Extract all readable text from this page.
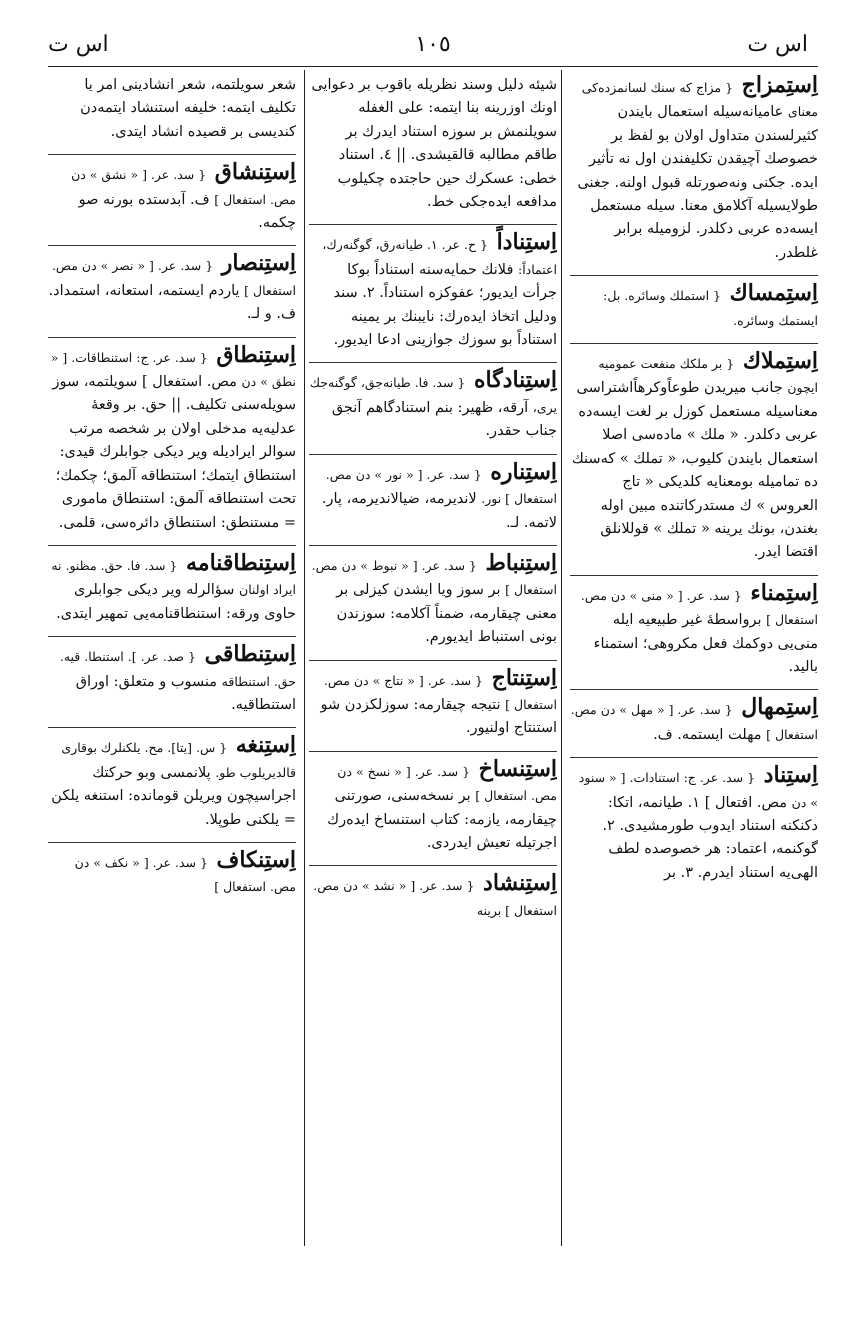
اس ت
١٠٥
اس ت
اِستِمزاج { مزاج كه سنك لسانمزده‌كى معناى عاميانه‌سيله استعمال بايندن كثيرلسندن متداول اولان بو لفظ بر خصوصك آچيقدن تكليفندن اول نه تأثير ايده. جكنى ونه‌صورتله قبول اولنه. جغنى طولايسيله آكلامق معنا. سيله مستعمل ايسه‌ده عربى دكلدر. لزوميله برابر غلطدر.
اِستِمساك { استملك وسائره. بل: ايستمك وسائره.
اِستِملاك { بر ملكك منفعت عموميه ايچون جانب ميريدن طوعاًوكرهاًاشتراسى معناسيله مستعمل كوزل بر لغت ايسه‌ده عربى دكلدر. « ملك » ماده‌سى اصلا استعمال بايندن كليوب، « تملك » كه‌سنك ده تماميله بومعنايه كلديكى « تاج العروس » ك مستدركاتنده مبين اوله بغندن، بونك يرينه « تملك » قوللانلق اقتضا ايدر.
اِستِمناء { سد. عر. [ « منى » دن مص. استفعال ] برواسطهٔ غير طبيعيه ايله منى‌يى دوكمك فعل مكروهى؛ استمناء باليد.
اِستِمهال { سد. عر. [ « مهل » دن مص. استفعال ] مهلت ايستمه. ف.
اِستِناد { سد. عر. ج: استنادات. [ « سنود » دن مص. افتعال ] ١. طيانمه، اتكا: دكنكنه استناد ايدوب طورمشيدى. ٢. گوكنمه، اعتماد: هر خصوصده لطف الهى‌يه استناد ايدرم. ٣. بر
شيئه دليل وسند نظريله باقوب بر دعوايى اونك اوزرينه بنا ايتمه: على الغفله سويلنمش بر سوزه استناد ايدرك بر طاقم مطالبه قالقيشدى. || ٤. استناد خطى: عسكرك حين حاجتده چكيلوب مدافعه ايده‌جكى خط.
اِستِناداً { ح. عر. ١. طيانه‌رق، گوگنه‌رك، اعتماداً: فلانك حمايه‌سنه استناداً بوكا جرأت ايديور؛ عفوكزه استناداً. ٢. سند ودليل اتخاذ ايده‌رك: نايبنك بر يمينه استناداً بو سوزك جوازينى ادعا ايديور.
اِستِنادگاه { سد. فا. طيانه‌جق، گوگنه‌جك يرى، آرقه، ظهير: بنم استنادگاهم آنجق جناب حقدر.
اِستِناره { سد. عر. [ « نور » دن مص. استفعال ] نور. لانديرمه، ضيالانديرمه، پار. لاتمه. لـ.
اِستِنباط { سد. عر. [ « نبوط » دن مص. استفعال ] بر سوز ويا ايشدن كيزلى بر معنى چيقارمه، ضمناً آكلامه: سوزندن بونى استنباط ايديورم.
اِستِنتاج { سد. عر. [ « نتاج » دن مص. استفعال ] نتيجه چيقارمه: سوزلكزدن شو استنتاج اولنيور.
اِستِنساخ { سد. عر. [ « نسخ » دن مص. استفعال ] بر نسخه‌سنى، صورتنى چيقارمه، يازمه: كتاب استنساخ ايده‌رك اجرتيله تعيش ايدردى.
اِستِنشاد { سد. عر. [ « نشد » دن مص. استفعال ] برينه
شعر سويلتمه، شعر انشادينى امر يا تكليف ايتمه: خليفه استنشاد ايتمه‌دن كنديسى بر قصيده انشاد ايتدى.
اِستِنشاق { سد. عر. [ « نشق » دن مص. استفعال ] ف. آبدستده بورنه صو چكمه.
اِستِنصار { سد. عر. [ « نصر » دن مص. استفعال ] ياردم ايستمه، استعانه، استمداد. ف. و لـ.
اِستِنطاق { سد. عر. ج: استنطاقات. [ « نطق » دن مص. استفعال ] سويلتمه، سوز سويله‌سنى تكليف. || حق. بر وقعهٔ عدليه‌يه مدخلى اولان بر شخصه مرتب سوالر ايراديله وير ديكى جوابلرك قيدى: استنطاق ايتمك؛ استنطاقه آلمق؛ چكمك؛ تحت استنطاقه آلمق: استنطاق مامورى = مستنطق: استنطاق دائره‌سى، قلمى.
اِستِنطاقنامه { سد. فا. حق. مظنو. نه ايراد اولنان سؤالرله وير ديكى جوابلرى حاوى ورقه: استنطاقنامه‌يى تمهير ايتدى.
اِستِنطاقى { صد. عر. ]. استنطا. قيه. حق. استنطاقه منسوب و متعلق: اوراق استنطاقيه.
اِستِنغه { س. [يتا]. مح. يلكنلرك بوقارى قالديريلوب طو. پلانمسى وبو حركتك اجراسيچون ويريلن قومانده: استنغه يلكن = يلكنى طوپلا.
اِستِنكاف { سد. عر. [ « نكف » دن مص. استفعال ]
